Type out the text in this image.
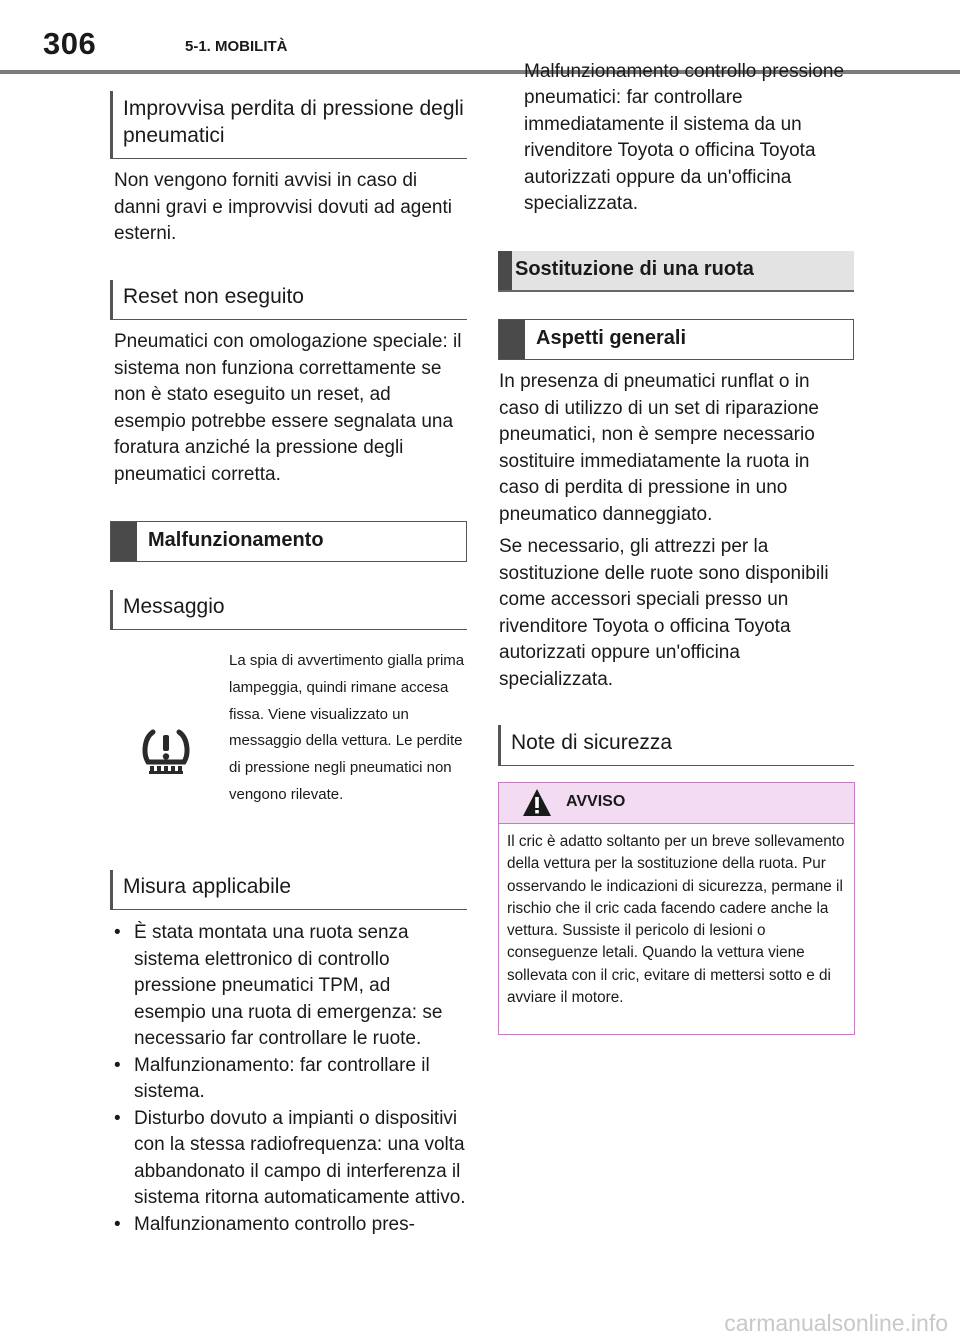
306	5-1. MOBILITÀ
Improvvisa perdita di pressione degli pneumatici
Non vengono forniti avvisi in caso di danni gravi e improvvisi dovuti ad agenti esterni.
Reset non eseguito
Pneumatici con omologazione speciale: il sistema non funziona correttamente se non è stato eseguito un reset, ad esempio potrebbe essere segnalata una foratura anziché la pressione degli pneumatici corretta.
Malfunzionamento
Messaggio
La spia di avvertimento gialla prima lampeggia, quindi rimane accesa fissa. Viene visualizzato un messaggio della vettura. Le perdite di pressione negli pneumatici non vengono rilevate.
Misura applicabile
• È stata montata una ruota senza sistema elettronico di controllo pressione pneumatici TPM, ad esempio una ruota di emergenza: se necessario far controllare le ruote.
• Malfunzionamento: far controllare il sistema.
• Disturbo dovuto a impianti o dispositivi con la stessa radiofrequenza: una volta abbandonato il campo di interferenza il sistema ritorna automaticamente attivo.
• Malfunzionamento controllo pres-
Malfunzionamento controllo pressione pneumatici: far controllare immediatamente il sistema da un rivenditore Toyota o officina Toyota autorizzati oppure da un'officina specializzata.
Sostituzione di una ruota
Aspetti generali
In presenza di pneumatici runflat o in caso di utilizzo di un set di riparazione pneumatici, non è sempre necessario sostituire immediatamente la ruota in caso di perdita di pressione in uno pneumatico danneggiato.
Se necessario, gli attrezzi per la sostituzione delle ruote sono disponibili come accessori speciali presso un rivenditore Toyota o officina Toyota autorizzati oppure un'officina specializzata.
Note di sicurezza
AVVISO
Il cric è adatto soltanto per un breve sollevamento della vettura per la sostituzione della ruota. Pur osservando le indicazioni di sicurezza, permane il rischio che il cric cada facendo cadere anche la vettura. Sussiste il pericolo di lesioni o conseguenze letali. Quando la vettura viene sollevata con il cric, evitare di mettersi sotto e di avviare il motore.
carmanualsonline.info
